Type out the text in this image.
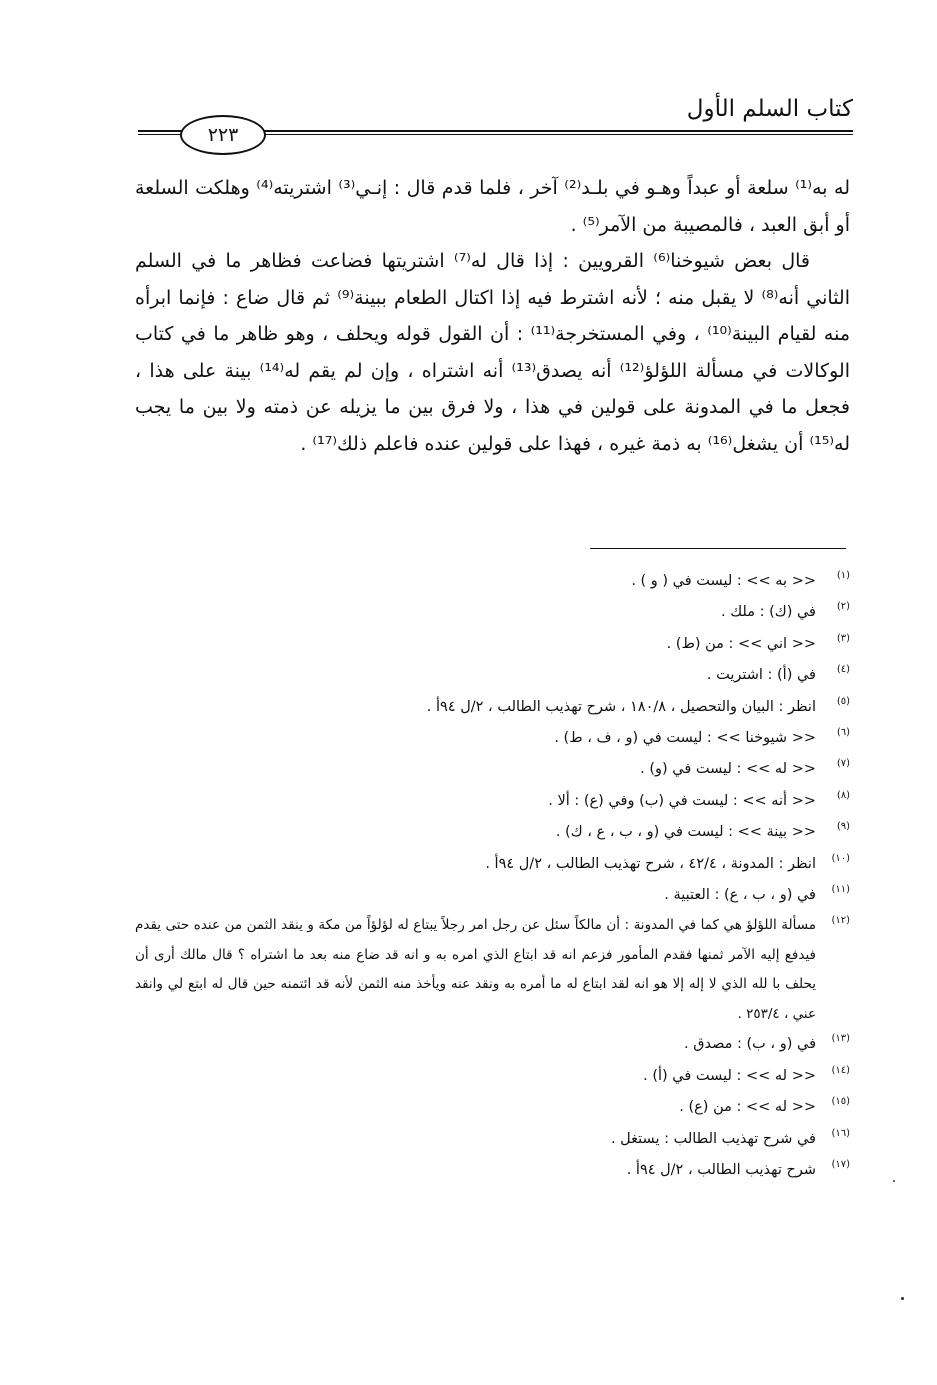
كتاب السلم الأول
٢٢٣

له به⁽¹⁾ سلعة أو عبداً وهـو في بلـد⁽²⁾ آخر ، فلما قدم قال : إنـي⁽³⁾ اشتريته⁽⁴⁾ وهلكت السلعة أو أبق العبد ، فالمصيبة من الآمر⁽⁵⁾ .

قال بعض شيوخنا⁽⁶⁾ القرويين : إذا قال له⁽⁷⁾ اشتريتها فضاعت فظاهر ما في السلم الثاني أنه⁽⁸⁾ لا يقبل منه ؛ لأنه اشترط فيه إذا اكتال الطعام ببينة⁽⁹⁾ ثم قال ضاع : فإنما ابرأه منه لقيام البينة⁽¹⁰⁾ ، وفي المستخرجة⁽¹¹⁾ : أن القول قوله ويحلف ، وهو ظاهر ما في كتاب الوكالات في مسألة اللؤلؤ⁽¹²⁾ أنه يصدق⁽¹³⁾ أنه اشتراه ، وإن لم يقم له⁽¹⁴⁾ بينة على هذا ، فجعل ما في المدونة على قولين في هذا ، ولا فرق بين ما يزيله عن ذمته ولا بين ما يجب له⁽¹⁵⁾ أن يشغل⁽¹⁶⁾ به ذمة غيره ، فهذا على قولين عنده فاعلم ذلك⁽¹⁷⁾ .

(١)
<< به >> : ليست في ( و ) .
(٢)
في (ك) : ملك .
(٣)
<< اني >> : من (ط) .
(٤)
في (أ) : اشتريت .
(٥)
انظر : البيان والتحصيل ، ١٨٠/٨ ، شرح تهذيب الطالب ، ٢/ل ٩٤أ .
(٦)
<< شيوخنا >> : ليست في (و ، ف ، ط) .
(٧)
<< له >> : ليست في (و) .
(٨)
<< أنه >> : ليست في (ب) وفي (ع) : ألا .
(٩)
<< بينة >> : ليست في (و ، ب ، ع ، ك) .
(١٠)
انظر : المدونة ، ٤٢/٤ ، شرح تهذيب الطالب ، ٢/ل ٩٤أ .
(١١)
في (و ، ب ، ع) : العتبية .
(١٢)
مسألة اللؤلؤ هي كما في المدونة : أن مالكاً سئل عن رجل امر رجلاً يبتاع له لؤلؤاً من مكة و ينقد الثمن من عنده حتى يقدم فيدفع إليه الآمر ثمنها فقدم المأمور فزعم انه قد ابتاع الذي امره به و انه قد ضاع منه بعد ما اشتراه ؟ قال مالك أرى أن يحلف با لله الذي لا إله إلا هو انه لقد ابتاع له ما أمره به ونقد عنه ويأخذ منه الثمن لأنه قد ائتمنه حين قال له ابتع لي وانقد عني ، ٢٥٣/٤ .
(١٣)
في (و ، ب) : مصدق .
(١٤)
<< له >> : ليست في (أ) .
(١٥)
<< له >> : من (ع) .
(١٦)
في شرح تهذيب الطالب : يستغل .
(١٧)
شرح تهذيب الطالب ، ٢/ل ٩٤أ .
